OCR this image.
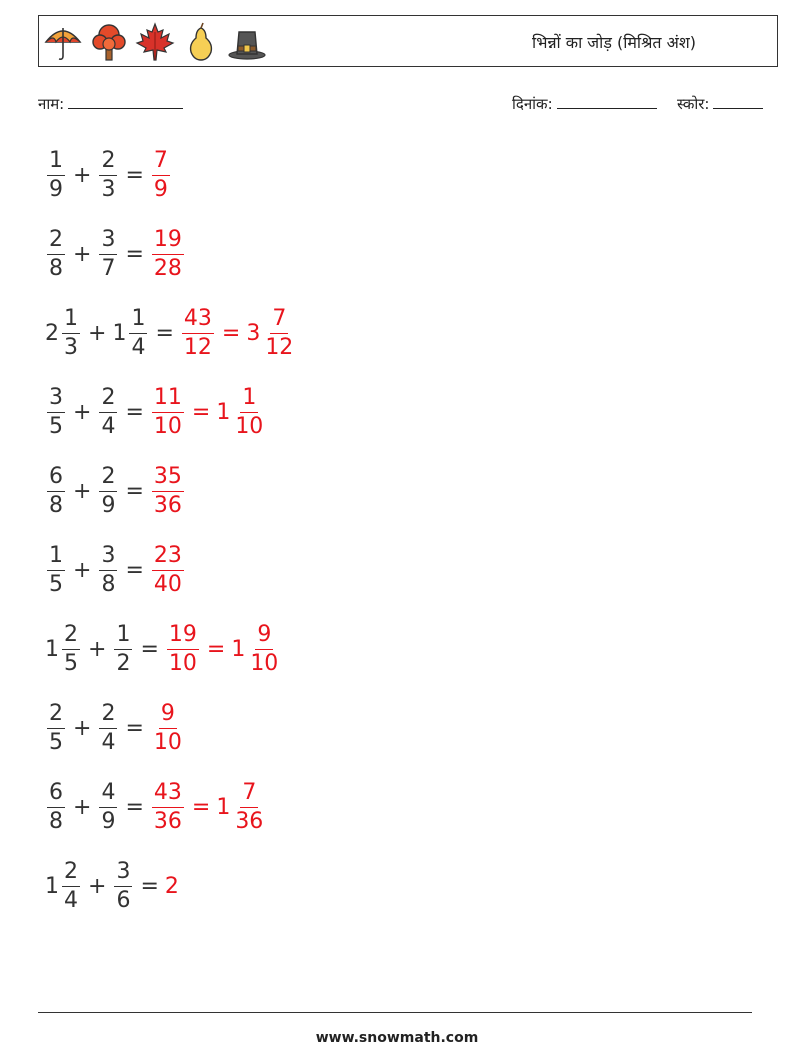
भिन्नों का जोड़ (मिश्रित अंश)
नाम:	दिनांक:	स्कोर:
$\frac{1}{9} + \frac{2}{3} = \frac{7}{9}$
$\frac{2}{8} + \frac{3}{7} = \frac{19}{28}$
$2 \frac{1}{3} + 1 \frac{1}{4} = \frac{43}{12} = 3 \frac{7}{12}$
$\frac{3}{5} + \frac{2}{4} = \frac{11}{10} = 1 \frac{1}{10}$
$\frac{6}{8} + \frac{2}{9} = \frac{35}{36}$
$\frac{1}{5} + \frac{3}{8} = \frac{23}{40}$
$1 \frac{2}{5} + \frac{1}{2} = \frac{19}{10} = 1 \frac{9}{10}$
$\frac{2}{5} + \frac{2}{4} = \frac{9}{10}$
$\frac{6}{8} + \frac{4}{9} = \frac{43}{36} = 1 \frac{7}{36}$
$1 \frac{2}{4} + \frac{3}{6} = 2$
www.snowmath.com
